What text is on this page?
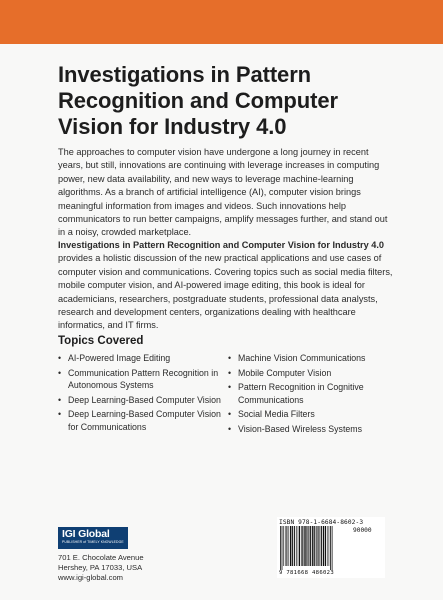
Investigations in Pattern Recognition and Computer Vision for Industry 4.0

The approaches to computer vision have undergone a long journey in recent years, but still, innovations are continuing with leverage increases in computing power, new data availability, and new ways to leverage machine-learning algorithms. As a branch of artificial intelligence (AI), computer vision brings meaningful information from images and videos. Such innovations help communicators to run better campaigns, amplify messages further, and stand out in a noisy, crowded marketplace.

Investigations in Pattern Recognition and Computer Vision for Industry 4.0 provides a holistic discussion of the new practical applications and use cases of computer vision and communications. Covering topics such as social media filters, mobile computer vision, and AI-powered image editing, this book is ideal for academicians, researchers, postgraduate students, professional data analysts, research and development centers, organizations dealing with healthcare informatics, and IT firms.

Topics Covered
• AI-Powered Image Editing
• Communication Pattern Recognition in Autonomous Systems
• Deep Learning-Based Computer Vision
• Deep Learning-Based Computer Vision for Communications
• Machine Vision Communications
• Mobile Computer Vision
• Pattern Recognition in Cognitive Communications
• Social Media Filters
• Vision-Based Wireless Systems
IGI Global
PUBLISHER of TIMELY KNOWLEDGE

701 E. Chocolate Avenue
Hershey, PA 17033, USA
www.igi-global.com

ISBN 978-1-6684-8602-3
90000
9 781668 486023
